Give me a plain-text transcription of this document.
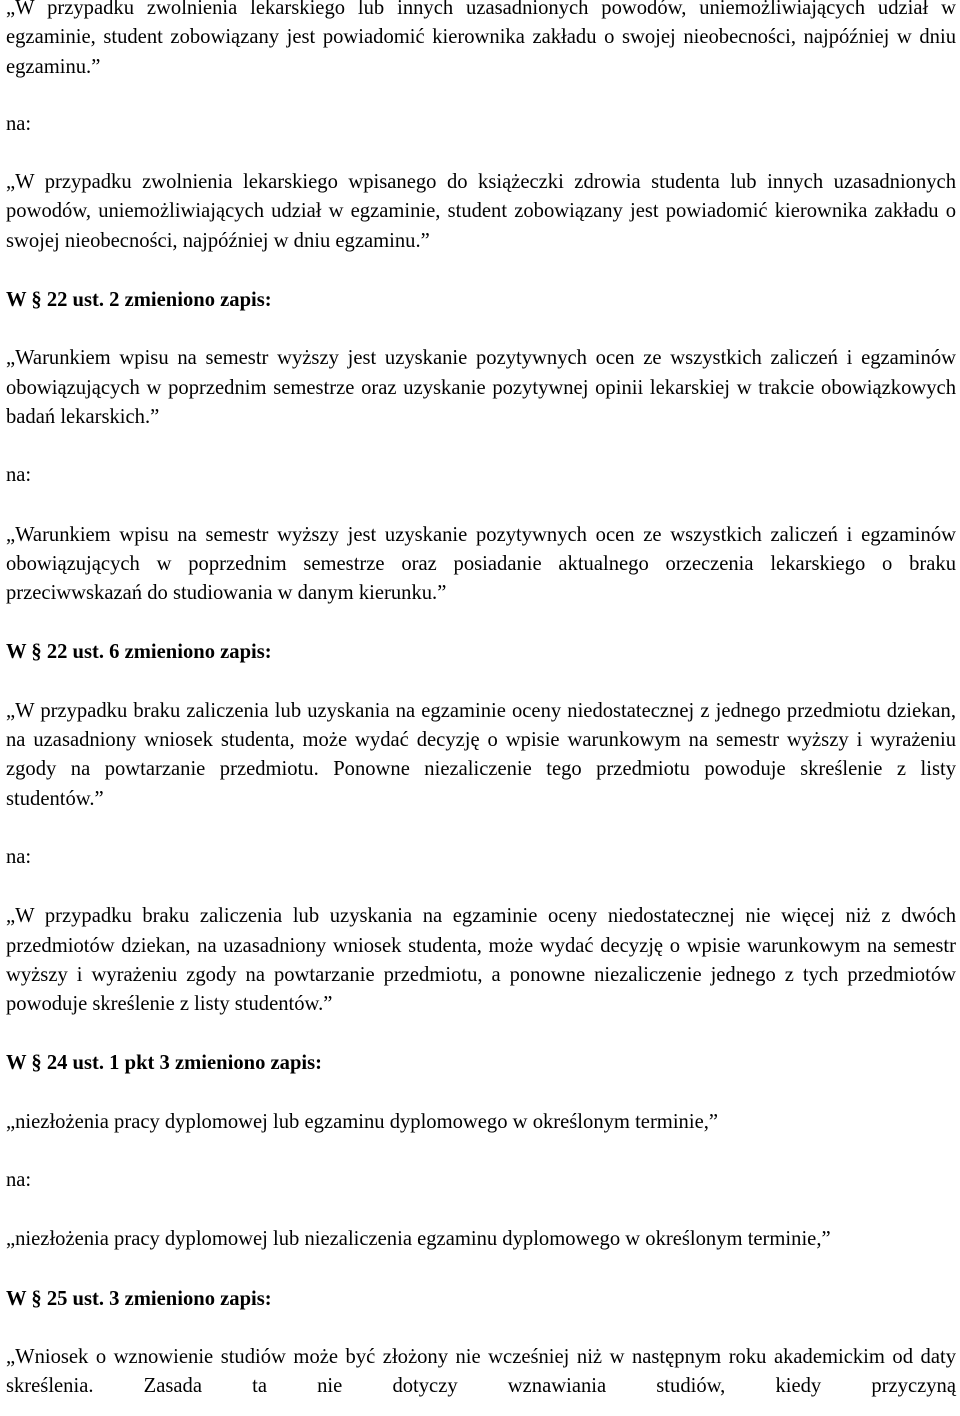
„W przypadku zwolnienia lekarskiego lub innych uzasadnionych powodów, uniemożliwiających udział w egzaminie, student zobowiązany jest powiadomić kierownika zakładu o swojej nieobecności, najpóźniej w dniu egzaminu.”

na:

„W przypadku zwolnienia lekarskiego wpisanego do książeczki zdrowia studenta lub innych uzasadnionych powodów, uniemożliwiających udział w egzaminie, student zobowiązany jest powiadomić kierownika zakładu o swojej nieobecności, najpóźniej w dniu egzaminu.”

W § 22 ust. 2 zmieniono zapis:

„Warunkiem wpisu na semestr wyższy jest uzyskanie pozytywnych ocen ze wszystkich zaliczeń i egzaminów obowiązujących w poprzednim semestrze oraz uzyskanie pozytywnej opinii lekarskiej w trakcie obowiązkowych badań lekarskich.”

na:

„Warunkiem wpisu na semestr wyższy jest uzyskanie pozytywnych ocen ze wszystkich zaliczeń i egzaminów obowiązujących w poprzednim semestrze oraz posiadanie aktualnego orzeczenia lekarskiego o braku przeciwwskazań do studiowania w danym kierunku.”

W § 22 ust. 6 zmieniono zapis:

„W przypadku braku zaliczenia lub uzyskania na egzaminie oceny niedostatecznej z jednego przedmiotu dziekan, na uzasadniony wniosek studenta, może wydać decyzję o wpisie warunkowym na semestr wyższy i wyrażeniu zgody na powtarzanie przedmiotu. Ponowne niezaliczenie tego przedmiotu powoduje skreślenie z listy studentów.”

na:

„W przypadku braku zaliczenia lub uzyskania na egzaminie oceny niedostatecznej nie więcej niż z dwóch przedmiotów dziekan, na uzasadniony wniosek studenta, może wydać decyzję o wpisie warunkowym na semestr wyższy i wyrażeniu zgody na powtarzanie przedmiotu, a ponowne niezaliczenie jednego z tych przedmiotów powoduje skreślenie z listy studentów.”

W § 24 ust. 1 pkt 3 zmieniono zapis:

„niezłożenia pracy dyplomowej lub egzaminu dyplomowego w określonym terminie,”

na:

„niezłożenia pracy dyplomowej lub niezaliczenia egzaminu dyplomowego w określonym terminie,”

W § 25 ust. 3 zmieniono zapis:

„Wniosek o wznowienie studiów może być złożony nie wcześniej niż w następnym roku akademickim od daty skreślenia. Zasada ta nie dotyczy wznawiania studiów, kiedy przyczyną
